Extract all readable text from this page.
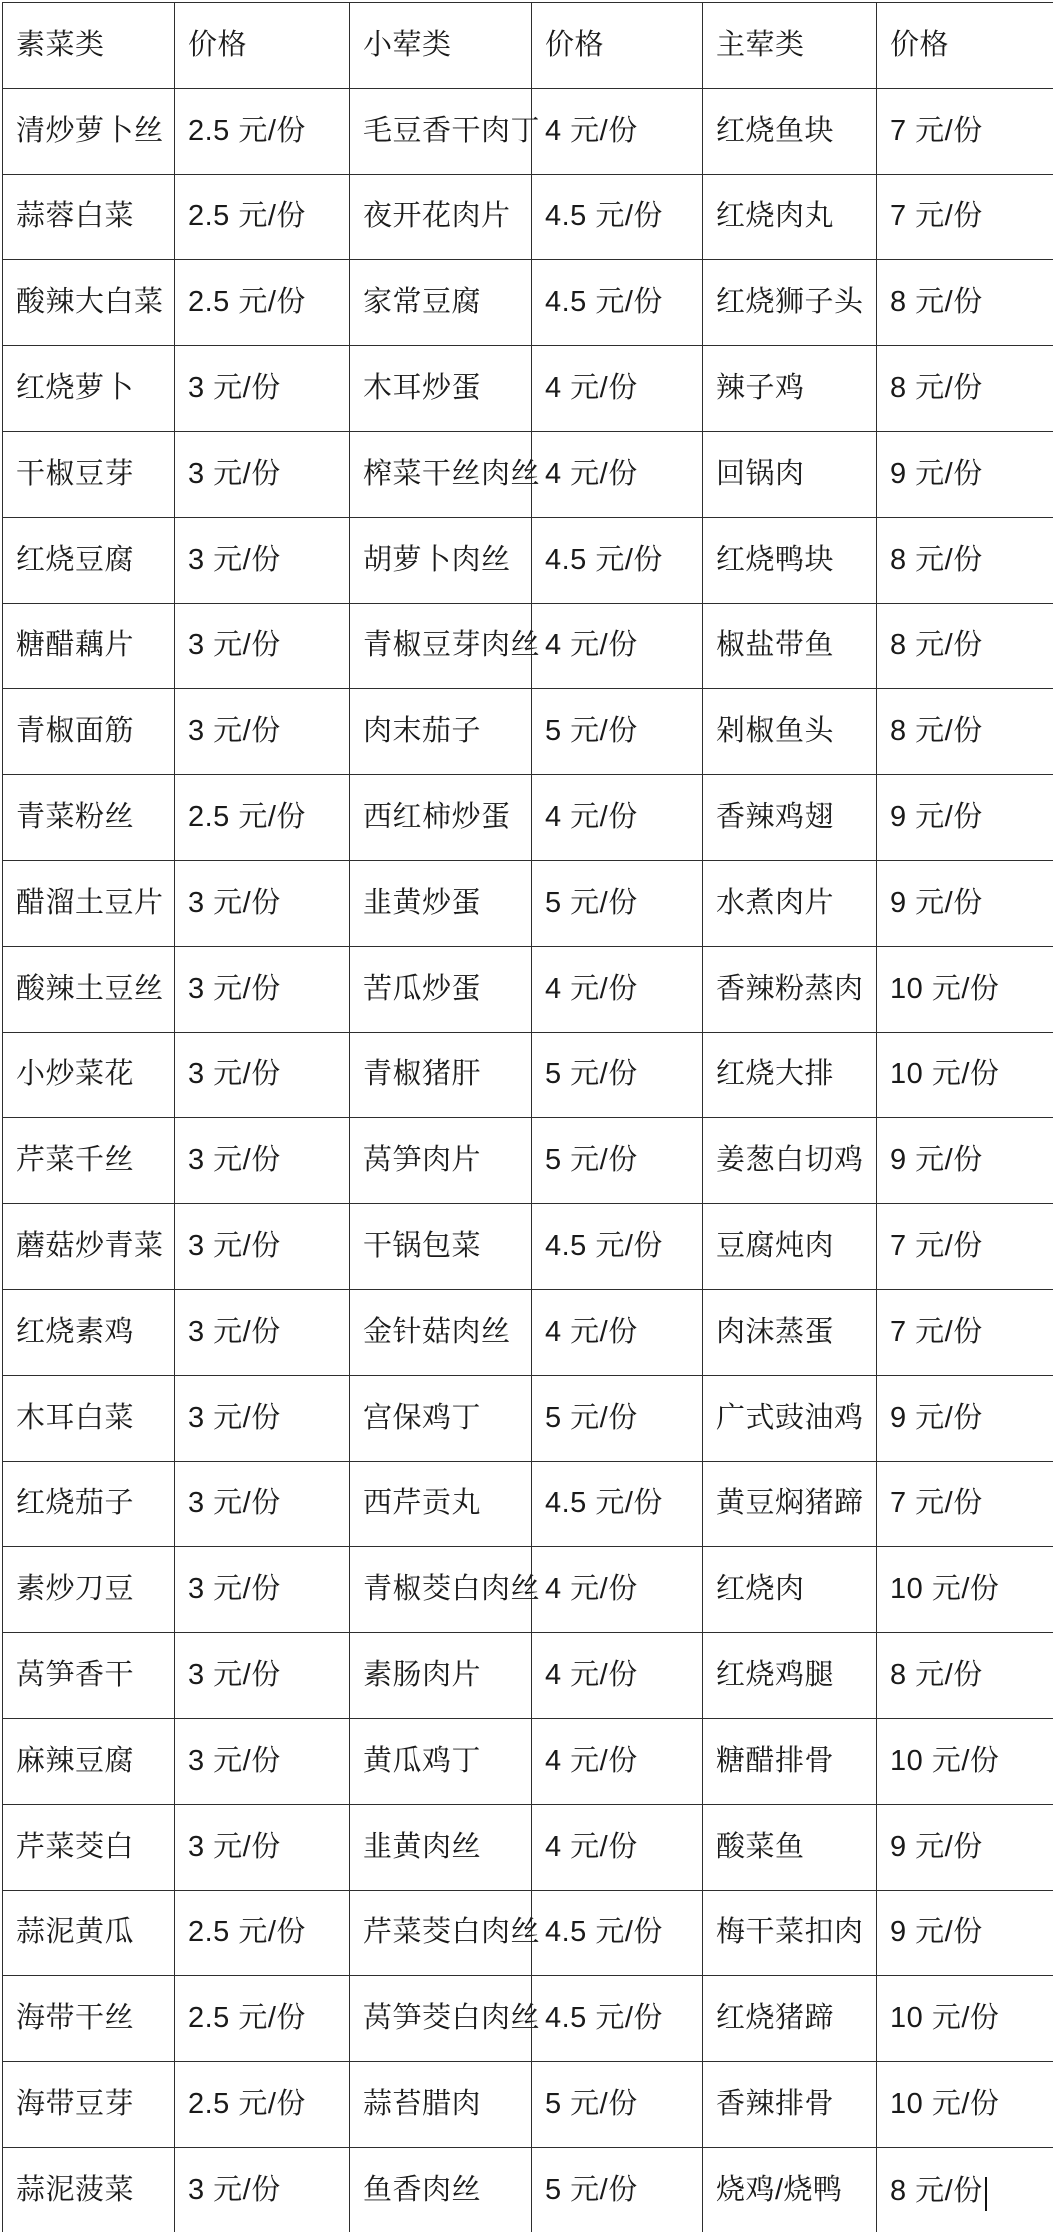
素菜类	价格	小荤类	价格	主荤类	价格
清炒萝卜丝	2.5 元/份	毛豆香干肉丁	4 元/份	红烧鱼块	7 元/份
蒜蓉白菜	2.5 元/份	夜开花肉片	4.5 元/份	红烧肉丸	7 元/份
酸辣大白菜	2.5 元/份	家常豆腐	4.5 元/份	红烧狮子头	8 元/份
红烧萝卜	3 元/份	木耳炒蛋	4 元/份	辣子鸡	8 元/份
干椒豆芽	3 元/份	榨菜干丝肉丝	4 元/份	回锅肉	9 元/份
红烧豆腐	3 元/份	胡萝卜肉丝	4.5 元/份	红烧鸭块	8 元/份
糖醋藕片	3 元/份	青椒豆芽肉丝	4 元/份	椒盐带鱼	8 元/份
青椒面筋	3 元/份	肉末茄子	5 元/份	剁椒鱼头	8 元/份
青菜粉丝	2.5 元/份	西红柿炒蛋	4 元/份	香辣鸡翅	9 元/份
醋溜土豆片	3 元/份	韭黄炒蛋	5 元/份	水煮肉片	9 元/份
酸辣土豆丝	3 元/份	苦瓜炒蛋	4 元/份	香辣粉蒸肉	10 元/份
小炒菜花	3 元/份	青椒猪肝	5 元/份	红烧大排	10 元/份
芹菜千丝	3 元/份	莴笋肉片	5 元/份	姜葱白切鸡	9 元/份
蘑菇炒青菜	3 元/份	干锅包菜	4.5 元/份	豆腐炖肉	7 元/份
红烧素鸡	3 元/份	金针菇肉丝	4 元/份	肉沫蒸蛋	7 元/份
木耳白菜	3 元/份	宫保鸡丁	5 元/份	广式豉油鸡	9 元/份
红烧茄子	3 元/份	西芹贡丸	4.5 元/份	黄豆焖猪蹄	7 元/份
素炒刀豆	3 元/份	青椒茭白肉丝	4 元/份	红烧肉	10 元/份
莴笋香干	3 元/份	素肠肉片	4 元/份	红烧鸡腿	8 元/份
麻辣豆腐	3 元/份	黄瓜鸡丁	4 元/份	糖醋排骨	10 元/份
芹菜茭白	3 元/份	韭黄肉丝	4 元/份	酸菜鱼	9 元/份
蒜泥黄瓜	2.5 元/份	芹菜茭白肉丝	4.5 元/份	梅干菜扣肉	9 元/份
海带干丝	2.5 元/份	莴笋茭白肉丝	4.5 元/份	红烧猪蹄	10 元/份
海带豆芽	2.5 元/份	蒜苔腊肉	5 元/份	香辣排骨	10 元/份
蒜泥菠菜	3 元/份	鱼香肉丝	5 元/份	烧鸡/烧鸭	8 元/份
